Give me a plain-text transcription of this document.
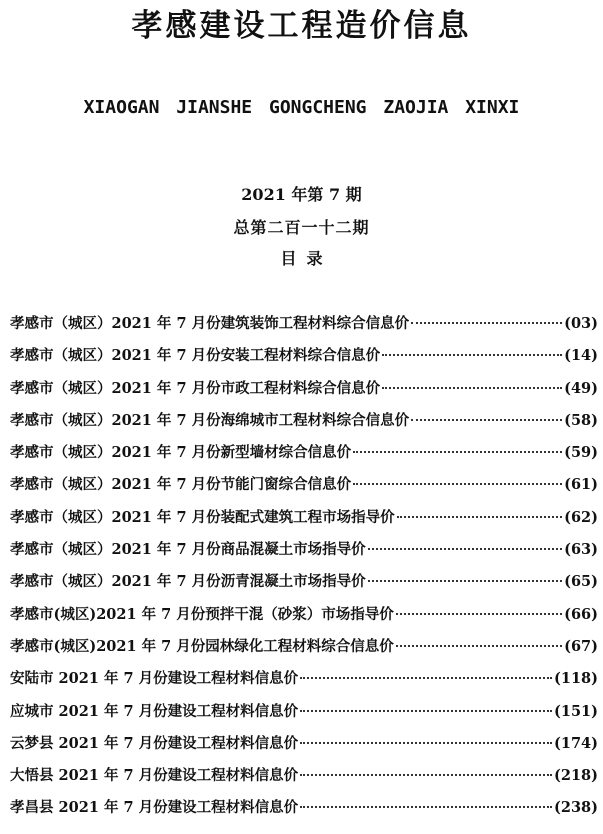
孝感建设工程造价信息
XIAOGAN JIANSHE GONGCHENG ZAOJIA XINXI
2021 年第 7 期
总第二百一十二期
目录
孝感市（城区）2021 年 7 月份建筑装饰工程材料综合信息价	(03)
孝感市（城区）2021 年 7 月份安装工程材料综合信息价	(14)
孝感市（城区）2021 年 7 月份市政工程材料综合信息价	(49)
孝感市（城区）2021 年 7 月份海绵城市工程材料综合信息价	(58)
孝感市（城区）2021 年 7 月份新型墙材综合信息价	(59)
孝感市（城区）2021 年 7 月份节能门窗综合信息价	(61)
孝感市（城区）2021 年 7 月份装配式建筑工程市场指导价	(62)
孝感市（城区）2021 年 7 月份商品混凝土市场指导价	(63)
孝感市（城区）2021 年 7 月份沥青混凝土市场指导价	(65)
孝感市(城区)2021 年 7 月份预拌干混（砂浆）市场指导价	(66)
孝感市(城区)2021 年 7 月份园林绿化工程材料综合信息价	(67)
安陆市 2021 年 7 月份建设工程材料信息价	(118)
应城市 2021 年 7 月份建设工程材料信息价	(151)
云梦县 2021 年 7 月份建设工程材料信息价	(174)
大悟县 2021 年 7 月份建设工程材料信息价	(218)
孝昌县 2021 年 7 月份建设工程材料信息价	(238)
